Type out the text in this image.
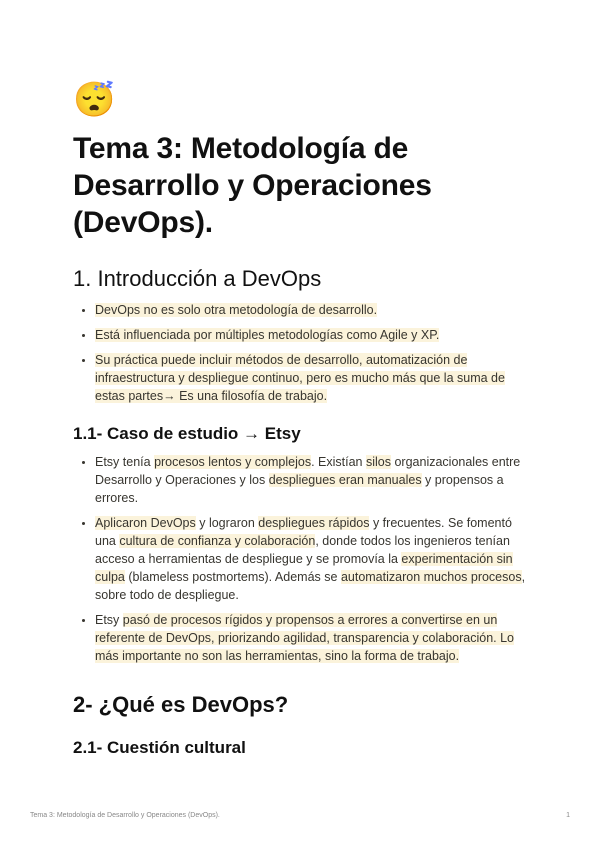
😴
Tema 3: Metodología de Desarrollo y Operaciones (DevOps).
1. Introducción a DevOps
• DevOps no es solo otra metodología de desarrollo.
• Está influenciada por múltiples metodologías como Agile y XP.
• Su práctica puede incluir métodos de desarrollo, automatización de infraestructura y despliegue continuo, pero es mucho más que la suma de estas partes→ Es una filosofía de trabajo.
1.1- Caso de estudio → Etsy
• Etsy tenía procesos lentos y complejos. Existían silos organizacionales entre Desarrollo y Operaciones y los despliegues eran manuales y propensos a errores.
• Aplicaron DevOps y lograron despliegues rápidos y frecuentes. Se fomentó una cultura de confianza y colaboración, donde todos los ingenieros tenían acceso a herramientas de despliegue y se promovía la experimentación sin culpa (blameless postmortems). Además se automatizaron muchos procesos, sobre todo de despliegue.
• Etsy pasó de procesos rígidos y propensos a errores a convertirse en un referente de DevOps, priorizando agilidad, transparencia y colaboración. Lo más importante no son las herramientas, sino la forma de trabajo.
2- ¿Qué es DevOps?
2.1- Cuestión cultural
Tema 3: Metodología de Desarrollo y Operaciones (DevOps).	1
